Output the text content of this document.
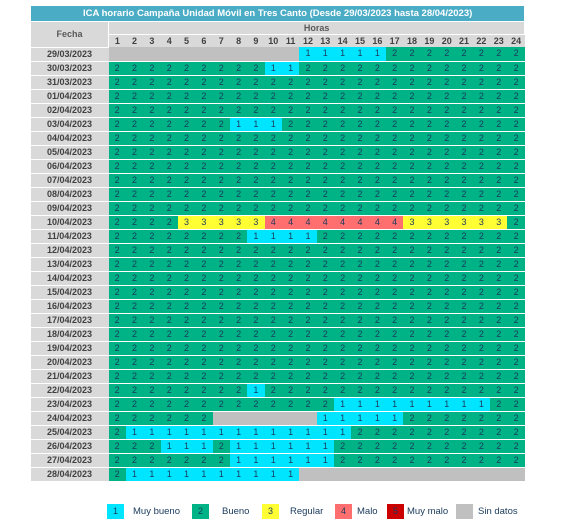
ICA horario Campaña Unidad Móvil en Tres Canto (Desde 29/03/2023 hasta 28/04/2023)																								
Fecha	Horas																							
	1	2	3	4	5	6	7	8	9	10	11	12	13	14	15	16	17	18	19	20	21	22	23	24
29/03/2023												1	1	1	1	1	2	2	2	2	2	2	2	2
30/03/2023	2	2	2	2	2	2	2	2	2	1	1	2	2	2	2	2	2	2	2	2	2	2	2	2
31/03/2023	2	2	2	2	2	2	2	2	2	2	2	2	2	2	2	2	2	2	2	2	2	2	2	2
01/04/2023	2	2	2	2	2	2	2	2	2	2	2	2	2	2	2	2	2	2	2	2	2	2	2	2
02/04/2023	2	2	2	2	2	2	2	2	2	2	2	2	2	2	2	2	2	2	2	2	2	2	2	2
03/04/2023	2	2	2	2	2	2	2	1	1	1	2	2	2	2	2	2	2	2	2	2	2	2	2	2
04/04/2023	2	2	2	2	2	2	2	2	2	2	2	2	2	2	2	2	2	2	2	2	2	2	2	2
05/04/2023	2	2	2	2	2	2	2	2	2	2	2	2	2	2	2	2	2	2	2	2	2	2	2	2
06/04/2023	2	2	2	2	2	2	2	2	2	2	2	2	2	2	2	2	2	2	2	2	2	2	2	2
07/04/2023	2	2	2	2	2	2	2	2	2	2	2	2	2	2	2	2	2	2	2	2	2	2	2	2
08/04/2023	2	2	2	2	2	2	2	2	2	2	2	2	2	2	2	2	2	2	2	2	2	2	2	2
09/04/2023	2	2	2	2	2	2	2	2	2	2	2	2	2	2	2	2	2	2	2	2	2	2	2	2
10/04/2023	2	2	2	2	3	3	3	3	3	4	4	4	4	4	4	4	4	3	3	3	3	3	3	2
11/04/2023	2	2	2	2	2	2	2	2	1	1	1	1	2	2	2	2	2	2	2	2	2	2	2	2
12/04/2023	2	2	2	2	2	2	2	2	2	2	2	2	2	2	2	2	2	2	2	2	2	2	2	2
13/04/2023	2	2	2	2	2	2	2	2	2	2	2	2	2	2	2	2	2	2	2	2	2	2	2	2
14/04/2023	2	2	2	2	2	2	2	2	2	2	2	2	2	2	2	2	2	2	2	2	2	2	2	2
15/04/2023	2	2	2	2	2	2	2	2	2	2	2	2	2	2	2	2	2	2	2	2	2	2	2	2
16/04/2023	2	2	2	2	2	2	2	2	2	2	2	2	2	2	2	2	2	2	2	2	2	2	2	2
17/04/2023	2	2	2	2	2	2	2	2	2	2	2	2	2	2	2	2	2	2	2	2	2	2	2	2
18/04/2023	2	2	2	2	2	2	2	2	2	2	2	2	2	2	2	2	2	2	2	2	2	2	2	2
19/04/2023	2	2	2	2	2	2	2	2	2	2	2	2	2	2	2	2	2	2	2	2	2	2	2	2
20/04/2023	2	2	2	2	2	2	2	2	2	2	2	2	2	2	2	2	2	2	2	2	2	2	2	2
21/04/2023	2	2	2	2	2	2	2	2	2	2	2	2	2	2	2	2	2	2	2	2	2	2	2	2
22/04/2023	2	2	2	2	2	2	2	2	1	2	2	2	2	2	2	2	2	2	2	2	2	2	2	2
23/04/2023	2	2	2	2	2	2	2	2	2	2	2	2	2	1	1	1	1	1	1	1	1	1	2	2
24/04/2023	2	2	2	2	2	2							1	1	1	1	1	2	2	2	2	2	2	2
25/04/2023	2	1	1	1	1	1	1	1	1	1	1	1	1	1	2	2	2	2	2	2	2	2	2	2
26/04/2023	2	2	2	1	1	1	2	1	1	1	1	1	1	2	2	2	2	2	2	2	2	2	2	2
27/04/2023	2	2	2	2	2	2	2	1	1	1	1	1	1	2	2	2	2	2	2	2	2	2	2	2
28/04/2023	2	1	1	1	1	1	1	1	1	1	1													
1	Muy bueno	2	Bueno	3	Regular	4	Malo	5 Muy malo	Sin datos
